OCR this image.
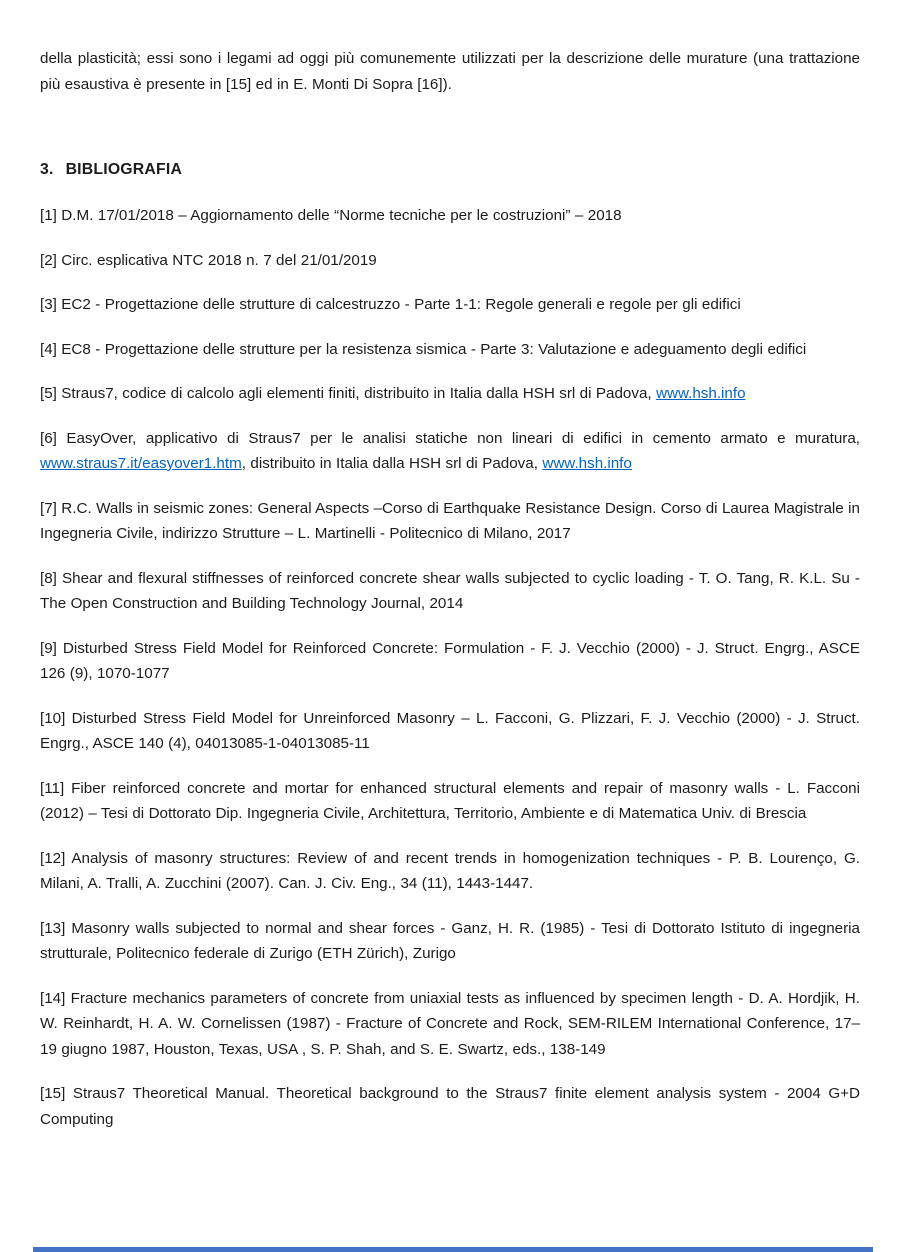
della plasticità; essi sono i legami ad oggi più comunemente utilizzati per la descrizione delle murature (una trattazione più esaustiva è presente in [15] ed in E. Monti Di Sopra [16]).

3. BIBLIOGRAFIA

[1] D.M. 17/01/2018 – Aggiornamento delle “Norme tecniche per le costruzioni” – 2018

[2] Circ. esplicativa NTC 2018 n. 7 del 21/01/2019

[3] EC2 - Progettazione delle strutture di calcestruzzo - Parte 1-1: Regole generali e regole per gli edifici

[4] EC8 - Progettazione delle strutture per la resistenza sismica - Parte 3: Valutazione e adeguamento degli edifici

[5] Straus7, codice di calcolo agli elementi finiti, distribuito in Italia dalla HSH srl di Padova, www.hsh.info

[6] EasyOver, applicativo di Straus7 per le analisi statiche non lineari di edifici in cemento armato e muratura, www.straus7.it/easyover1.htm, distribuito in Italia dalla HSH srl di Padova, www.hsh.info

[7] R.C. Walls in seismic zones: General Aspects –Corso di Earthquake Resistance Design. Corso di Laurea Magistrale in Ingegneria Civile, indirizzo Strutture – L. Martinelli - Politecnico di Milano, 2017

[8] Shear and flexural stiffnesses of reinforced concrete shear walls subjected to cyclic loading - T. O. Tang, R. K.L. Su - The Open Construction and Building Technology Journal, 2014

[9] Disturbed Stress Field Model for Reinforced Concrete: Formulation - F. J. Vecchio (2000) - J. Struct. Engrg., ASCE 126 (9), 1070-1077

[10] Disturbed Stress Field Model for Unreinforced Masonry – L. Facconi, G. Plizzari, F. J. Vecchio (2000) - J. Struct. Engrg., ASCE 140 (4), 04013085-1-04013085-11

[11] Fiber reinforced concrete and mortar for enhanced structural elements and repair of masonry walls - L. Facconi (2012) – Tesi di Dottorato Dip. Ingegneria Civile, Architettura, Territorio, Ambiente e di Matematica Univ. di Brescia

[12] Analysis of masonry structures: Review of and recent trends in homogenization techniques - P. B. Lourenço, G. Milani, A. Tralli, A. Zucchini (2007). Can. J. Civ. Eng., 34 (11), 1443-1447.

[13] Masonry walls subjected to normal and shear forces - Ganz, H. R. (1985) - Tesi di Dottorato Istituto di ingegneria strutturale, Politecnico federale di Zurigo (ETH Zürich), Zurigo

[14] Fracture mechanics parameters of concrete from uniaxial tests as influenced by specimen length - D. A. Hordjik, H. W. Reinhardt, H. A. W. Cornelissen (1987) - Fracture of Concrete and Rock, SEM-RILEM International Conference, 17–19 giugno 1987, Houston, Texas, USA , S. P. Shah, and S. E. Swartz, eds., 138-149

[15] Straus7 Theoretical Manual. Theoretical background to the Straus7 finite element analysis system - 2004 G+D Computing
